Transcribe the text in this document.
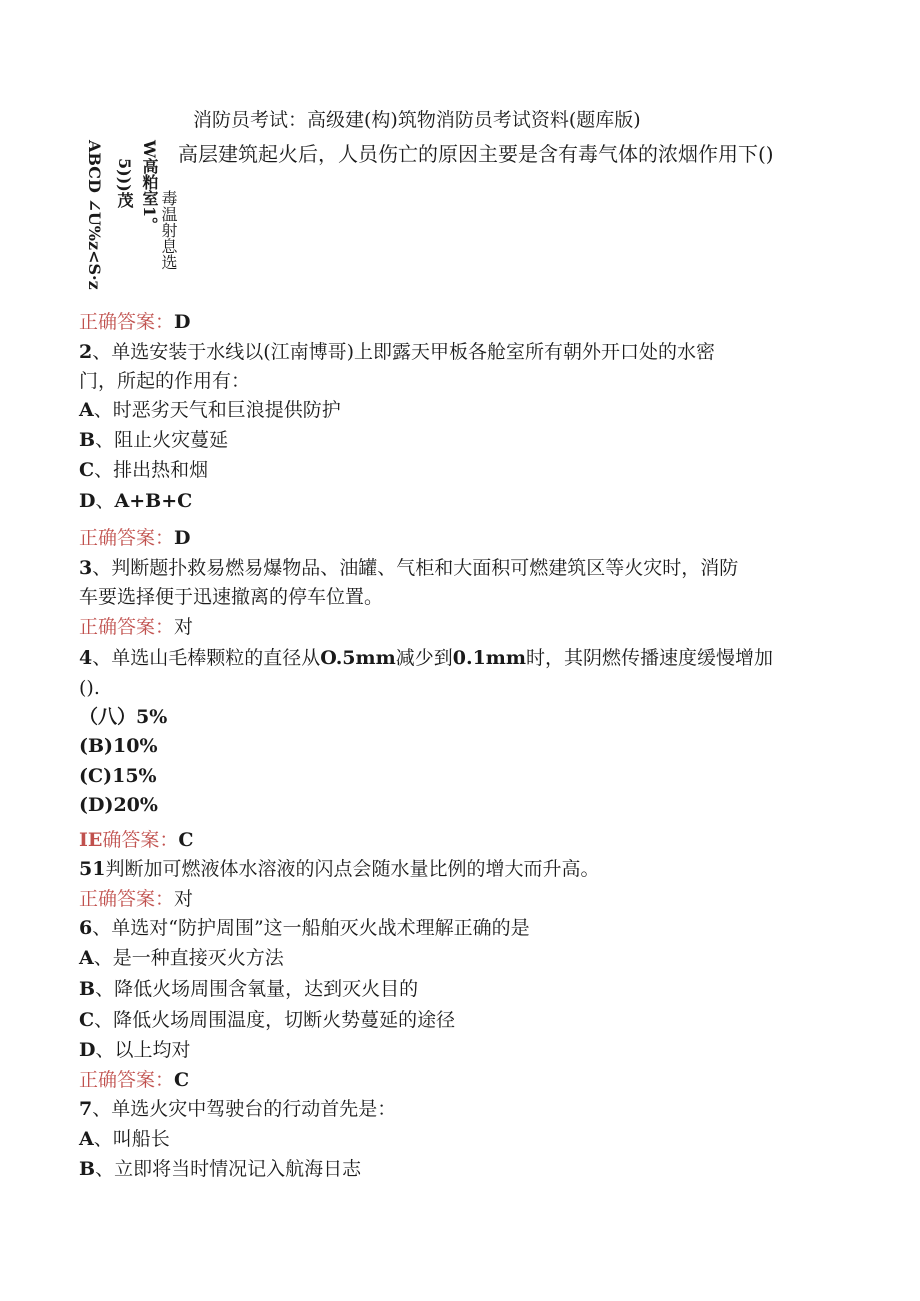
消防员考试：高级建(构)筑物消防员考试资料(题库版)
ABCD ∠U%z<S·z 5)))茂 W高粕室1。 毒温射息选
高层建筑起火后，人员伤亡的原因主要是含有毒气体的浓烟作用下()
正确答案：D
2、单选安装于水线以(江南博哥)上即露天甲板各舱室所有朝外开口处的水密
门，所起的作用有：
A、时恶劣天气和巨浪提供防护
B、阻止火灾蔓延
C、排出热和烟
D、A+B+C
正确答案：D
3、判断题扑救易燃易爆物品、油罐、气柜和大面积可燃建筑区等火灾时，消防
车要选择便于迅速撤离的停车位置。
正确答案：对
4、单选山毛棒颗粒的直径从O.5mm减少到0.1mm时，其阴燃传播速度缓慢增加
().
（八）5%
(B)10%
(C)15%
(D)20%
IE确答案：C
51判断加可燃液体水溶液的闪点会随水量比例的增大而升高。
正确答案：对
6、单选对“防护周围”这一船舶灭火战术理解正确的是
A、是一种直接灭火方法
B、降低火场周围含氧量，达到灭火目的
C、降低火场周围温度，切断火势蔓延的途径
D、以上均对
正确答案：C
7、单选火灾中驾驶台的行动首先是：
A、叫船长
B、立即将当时情况记入航海日志
